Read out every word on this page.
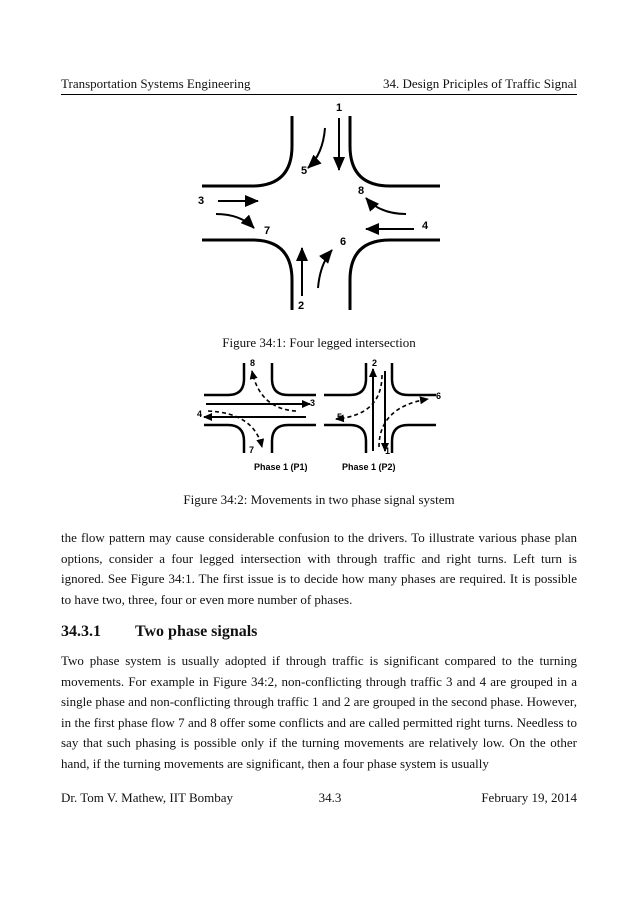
Transportation Systems Engineering	34. Design Priciples of Traffic Signal
1
2
3
4
5
6
7
8
Figure 34:1: Four legged intersection
8
3
4
7
Phase 1 (P1)
2
6
5
1
Phase 1 (P2)
Figure 34:2: Movements in two phase signal system

the flow pattern may cause considerable confusion to the drivers. To illustrate various phase plan options, consider a four legged intersection with through traffic and right turns. Left turn is ignored. See Figure 34:1. The first issue is to decide how many phases are required. It is possible to have two, three, four or even more number of phases.

34.3.1 Two phase signals

Two phase system is usually adopted if through traffic is significant compared to the turning movements. For example in Figure 34:2, non-conflicting through traffic 3 and 4 are grouped in a single phase and non-conflicting through traffic 1 and 2 are grouped in the second phase. However, in the first phase flow 7 and 8 offer some conflicts and are called permitted right turns. Needless to say that such phasing is possible only if the turning movements are relatively low. On the other hand, if the turning movements are significant, then a four phase system is usually

Dr. Tom V. Mathew, IIT Bombay	34.3	February 19, 2014
